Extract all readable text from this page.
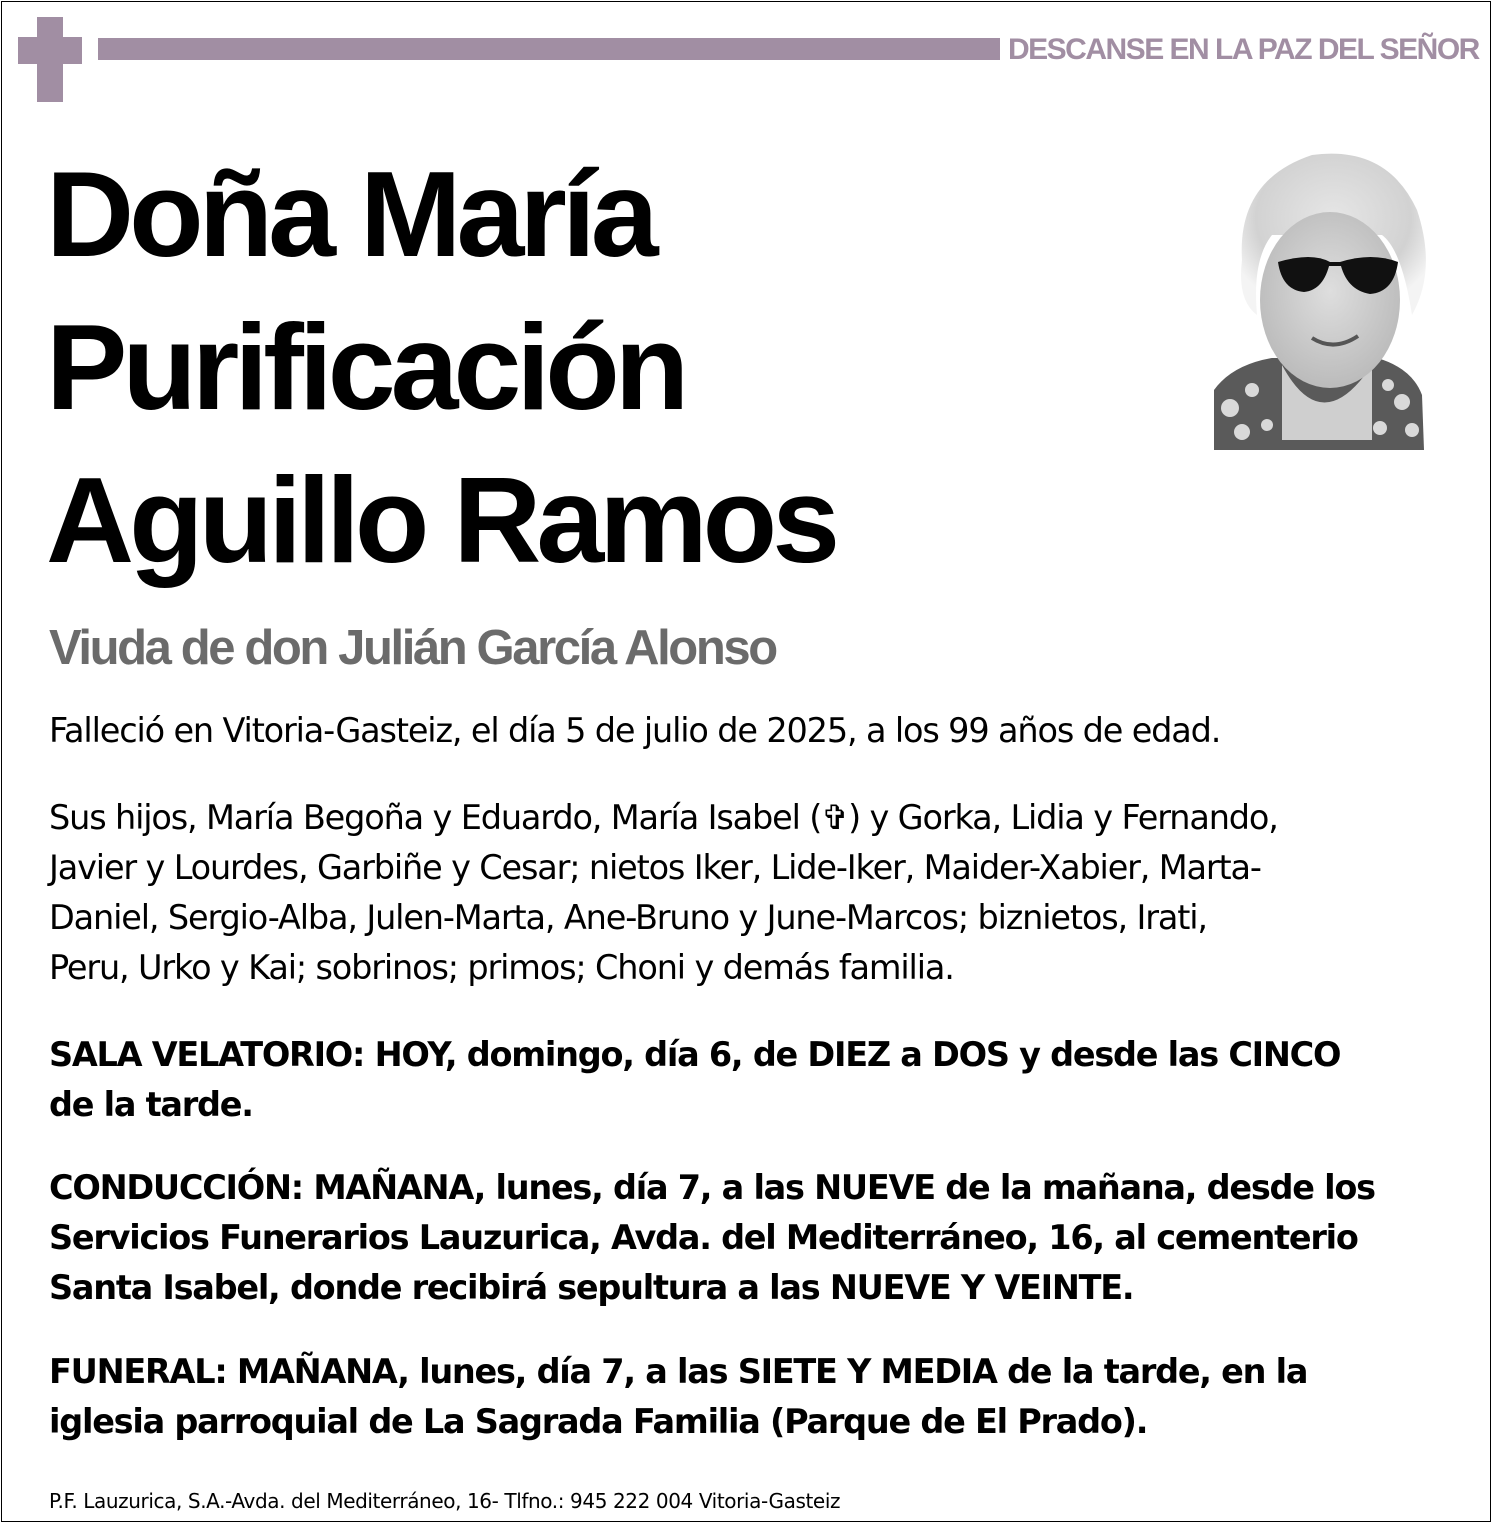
DESCANSE EN LA PAZ DEL SEÑOR
Doña María
Purificación
Aguillo Ramos
Viuda de don Julián García Alonso
Falleció en Vitoria-Gasteiz, el día 5 de julio de 2025, a los 99 años de edad.
Sus hijos, María Begoña y Eduardo, María Isabel (✞) y Gorka, Lidia y Fernando,
Javier y Lourdes, Garbiñe y Cesar; nietos Iker, Lide-Iker, Maider-Xabier, Marta-
Daniel, Sergio-Alba, Julen-Marta, Ane-Bruno y June-Marcos; biznietos, Irati,
Peru, Urko y Kai; sobrinos; primos; Choni y demás familia.
SALA VELATORIO: HOY, domingo, día 6, de DIEZ a DOS y desde las CINCO
de la tarde.
CONDUCCIÓN: MAÑANA, lunes, día 7, a las NUEVE de la mañana, desde los
Servicios Funerarios Lauzurica, Avda. del Mediterráneo, 16, al cementerio
Santa Isabel, donde recibirá sepultura a las NUEVE Y VEINTE.
FUNERAL: MAÑANA, lunes, día 7, a las SIETE Y MEDIA de la tarde, en la
iglesia parroquial de La Sagrada Familia (Parque de El Prado).
P.F. Lauzurica, S.A.-Avda. del Mediterráneo, 16- Tlfno.: 945 222 004 Vitoria-Gasteiz
